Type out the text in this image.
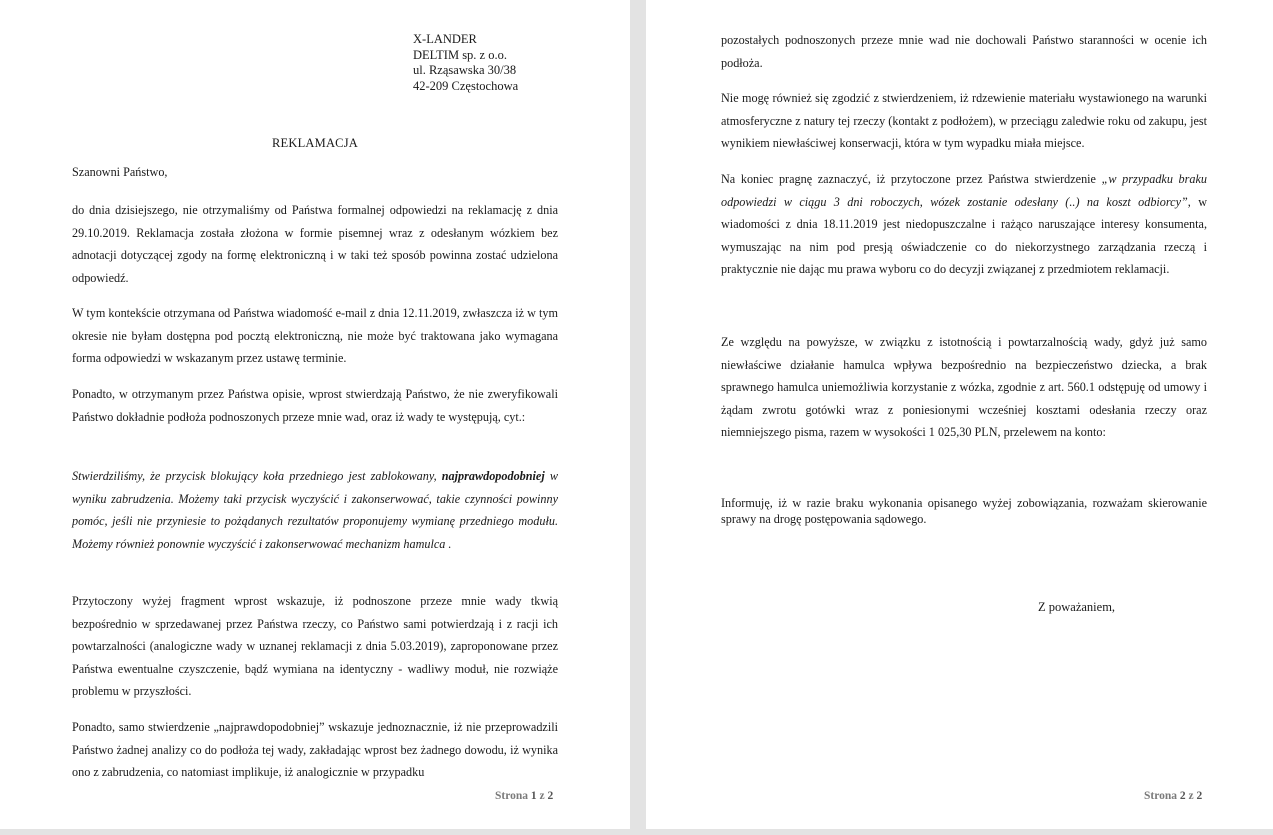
X-LANDER
DELTIM sp. z o.o.
ul. Rząsawska 30/38
42-209 Częstochowa
REKLAMACJA
Szanowni Państwo,
do dnia dzisiejszego, nie otrzymaliśmy od Państwa formalnej odpowiedzi na reklamację z dnia 29.10.2019. Reklamacja została złożona w formie pisemnej wraz z odesłanym wózkiem bez adnotacji dotyczącej zgody na formę elektroniczną i w taki też sposób powinna zostać udzielona odpowiedź.
W tym kontekście otrzymana od Państwa wiadomość e-mail z dnia 12.11.2019, zwłaszcza iż w tym okresie nie byłam dostępna pod pocztą elektroniczną, nie może być traktowana jako wymagana forma odpowiedzi w wskazanym przez ustawę terminie.
Ponadto, w otrzymanym przez Państwa opisie, wprost stwierdzają Państwo, że nie zweryfikowali Państwo dokładnie podłoża podnoszonych przeze mnie wad, oraz iż wady te występują, cyt.:
Stwierdziliśmy, że przycisk blokujący koła przedniego jest zablokowany, najprawdopodobniej w wyniku zabrudzenia. Możemy taki przycisk wyczyścić i zakonserwować, takie czynności powinny pomóc, jeśli nie przyniesie to pożądanych rezultatów proponujemy wymianę przedniego modułu. Możemy również ponownie wyczyścić i zakonserwować mechanizm hamulca .
Przytoczony wyżej fragment wprost wskazuje, iż podnoszone przeze mnie wady tkwią bezpośrednio w sprzedawanej przez Państwa rzeczy, co Państwo sami potwierdzają i z racji ich powtarzalności (analogiczne wady w uznanej reklamacji z dnia 5.03.2019), zaproponowane przez Państwa ewentualne czyszczenie, bądź wymiana na identyczny - wadliwy moduł, nie rozwiąże problemu w przyszłości.
Ponadto, samo stwierdzenie „najprawdopodobniej” wskazuje jednoznacznie, iż nie przeprowadzili Państwo żadnej analizy co do podłoża tej wady, zakładając wprost bez żadnego dowodu, iż wynika ono z zabrudzenia, co natomiast implikuje, iż analogicznie w przypadku
Strona 1 z 2
pozostałych podnoszonych przeze mnie wad nie dochowali Państwo staranności w ocenie ich podłoża.
Nie mogę również się zgodzić z stwierdzeniem, iż rdzewienie materiału wystawionego na warunki atmosferyczne z natury tej rzeczy (kontakt z podłożem), w przeciągu zaledwie roku od zakupu, jest wynikiem niewłaściwej konserwacji, która w tym wypadku miała miejsce.
Na koniec pragnę zaznaczyć, iż przytoczone przez Państwa stwierdzenie „w przypadku braku odpowiedzi w ciągu 3 dni roboczych, wózek zostanie odesłany (..) na koszt odbiorcy”, w wiadomości z dnia 18.11.2019 jest niedopuszczalne i rażąco naruszające interesy konsumenta, wymuszając na nim pod presją oświadczenie co do niekorzystnego zarządzania rzeczą i praktycznie nie dając mu prawa wyboru co do decyzji związanej z przedmiotem reklamacji.
Ze względu na powyższe, w związku z istotnością i powtarzalnością wady, gdyż już samo niewłaściwe działanie hamulca wpływa bezpośrednio na bezpieczeństwo dziecka, a brak sprawnego hamulca uniemożliwia korzystanie z wózka, zgodnie z art. 560.1 odstępuję od umowy i żądam zwrotu gotówki wraz z poniesionymi wcześniej kosztami odesłania rzeczy oraz niemniejszego pisma, razem w wysokości 1 025,30 PLN, przelewem na konto:
Informuję, iż w razie braku wykonania opisanego wyżej zobowiązania, rozważam skierowanie sprawy na drogę postępowania sądowego.
Z poważaniem,
Strona 2 z 2
